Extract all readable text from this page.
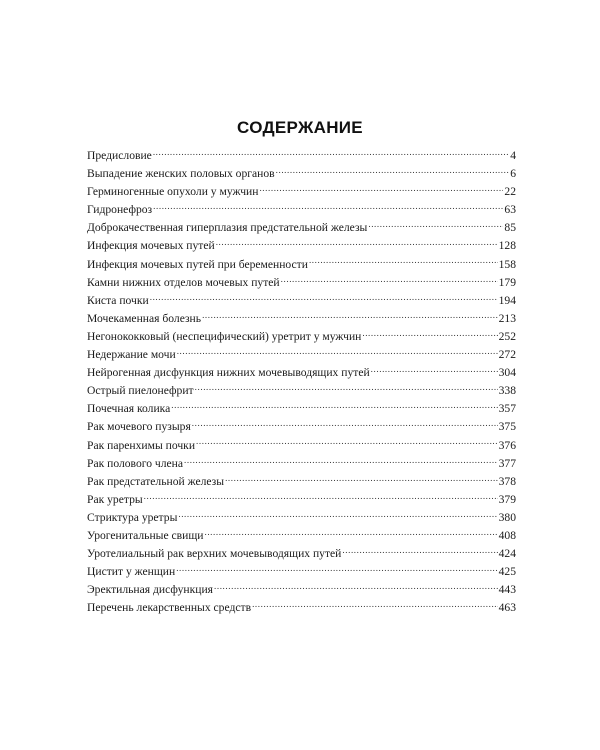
СОДЕРЖАНИЕ
Предисловие .....	4
Выпадение женских половых органов .....	6
Герминогенные опухоли у мужчин .....	22
Гидронефроз .....	63
Доброкачественная гиперплазия предстательной железы .....	85
Инфекция мочевых путей .....	128
Инфекция мочевых путей при беременности .....	158
Камни нижних отделов мочевых путей .....	179
Киста почки .....	194
Мочекаменная болезнь .....	213
Негонококковый (неспецифический) уретрит у мужчин .....	252
Недержание мочи .....	272
Нейрогенная дисфункция нижних мочевыводящих путей .....	304
Острый пиелонефрит .....	338
Почечная колика .....	357
Рак мочевого пузыря .....	375
Рак паренхимы почки .....	376
Рак полового члена .....	377
Рак предстательной железы .....	378
Рак уретры .....	379
Стриктура уретры .....	380
Урогенитальные свищи .....	408
Уротелиальный рак верхних мочевыводящих путей .....	424
Цистит у женщин .....	425
Эректильная дисфункция .....	443
Перечень лекарственных средств .....	463
